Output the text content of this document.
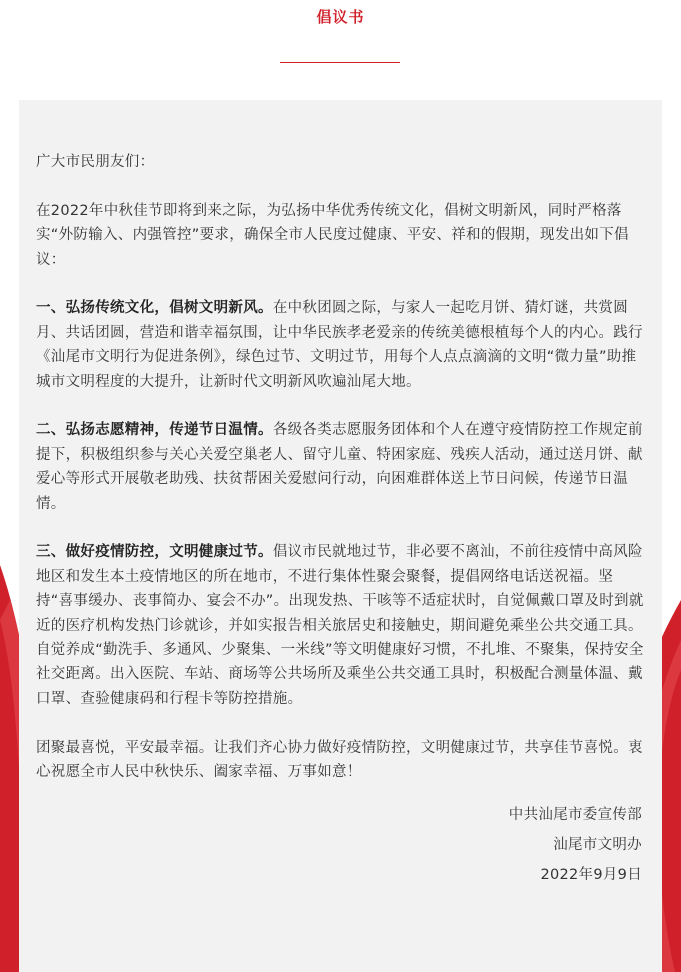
倡议书

广大市民朋友们：

在2022年中秋佳节即将到来之际，为弘扬中华优秀传统文化，倡树文明新风，同时严格落实“外防输入、内强管控”要求，确保全市人民度过健康、平安、祥和的假期，现发出如下倡议：

一、弘扬传统文化，倡树文明新风。在中秋团圆之际，与家人一起吃月饼、猜灯谜，共赏圆月、共话团圆，营造和谐幸福氛围，让中华民族孝老爱亲的传统美德根植每个人的内心。践行《汕尾市文明行为促进条例》，绿色过节、文明过节，用每个人点点滴滴的文明“微力量”助推城市文明程度的大提升，让新时代文明新风吹遍汕尾大地。

二、弘扬志愿精神，传递节日温情。各级各类志愿服务团体和个人在遵守疫情防控工作规定前提下，积极组织参与关心关爱空巢老人、留守儿童、特困家庭、残疾人活动，通过送月饼、献爱心等形式开展敬老助残、扶贫帮困关爱慰问行动，向困难群体送上节日问候，传递节日温情。

三、做好疫情防控，文明健康过节。倡议市民就地过节，非必要不离汕，不前往疫情中高风险地区和发生本土疫情地区的所在地市，不进行集体性聚会聚餐，提倡网络电话送祝福。坚持“喜事缓办、丧事简办、宴会不办”。出现发热、干咳等不适症状时，自觉佩戴口罩及时到就近的医疗机构发热门诊就诊，并如实报告相关旅居史和接触史，期间避免乘坐公共交通工具。自觉养成“勤洗手、多通风、少聚集、一米线”等文明健康好习惯，不扎堆、不聚集，保持安全社交距离。出入医院、车站、商场等公共场所及乘坐公共交通工具时，积极配合测量体温、戴口罩、查验健康码和行程卡等防控措施。

团聚最喜悦，平安最幸福。让我们齐心协力做好疫情防控，文明健康过节，共享佳节喜悦。衷心祝愿全市人民中秋快乐、阖家幸福、万事如意！

中共汕尾市委宣传部

汕尾市文明办

2022年9月9日
